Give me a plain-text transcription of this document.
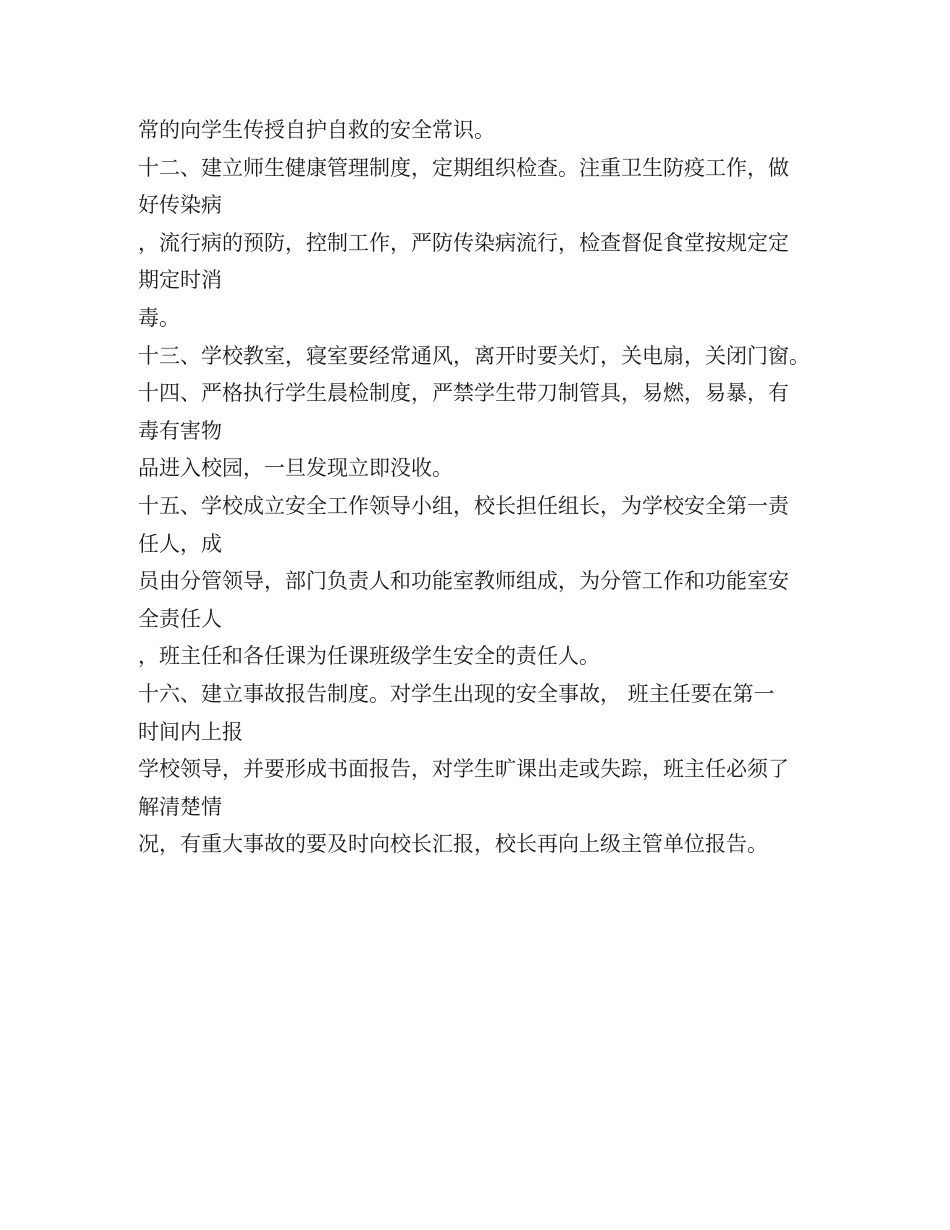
常的向学生传授自护自救的安全常识。
十二、建立师生健康管理制度，定期组织检查。注重卫生防疫工作，做
好传染病
，流行病的预防，控制工作，严防传染病流行，检查督促食堂按规定定
期定时消
毒。
十三、学校教室，寝室要经常通风，离开时要关灯，关电扇，关闭门窗。
十四、严格执行学生晨检制度，严禁学生带刀制管具，易燃，易暴，有
毒有害物
品进入校园，一旦发现立即没收。
十五、学校成立安全工作领导小组，校长担任组长，为学校安全第一责
任人，成
员由分管领导，部门负责人和功能室教师组成，为分管工作和功能室安
全责任人
，班主任和各任课为任课班级学生安全的责任人。
十六、建立事故报告制度。对学生出现的安全事故， 班主任要在第一
时间内上报
学校领导，并要形成书面报告，对学生旷课出走或失踪，班主任必须了
解清楚情
况，有重大事故的要及时向校长汇报，校长再向上级主管单位报告。
